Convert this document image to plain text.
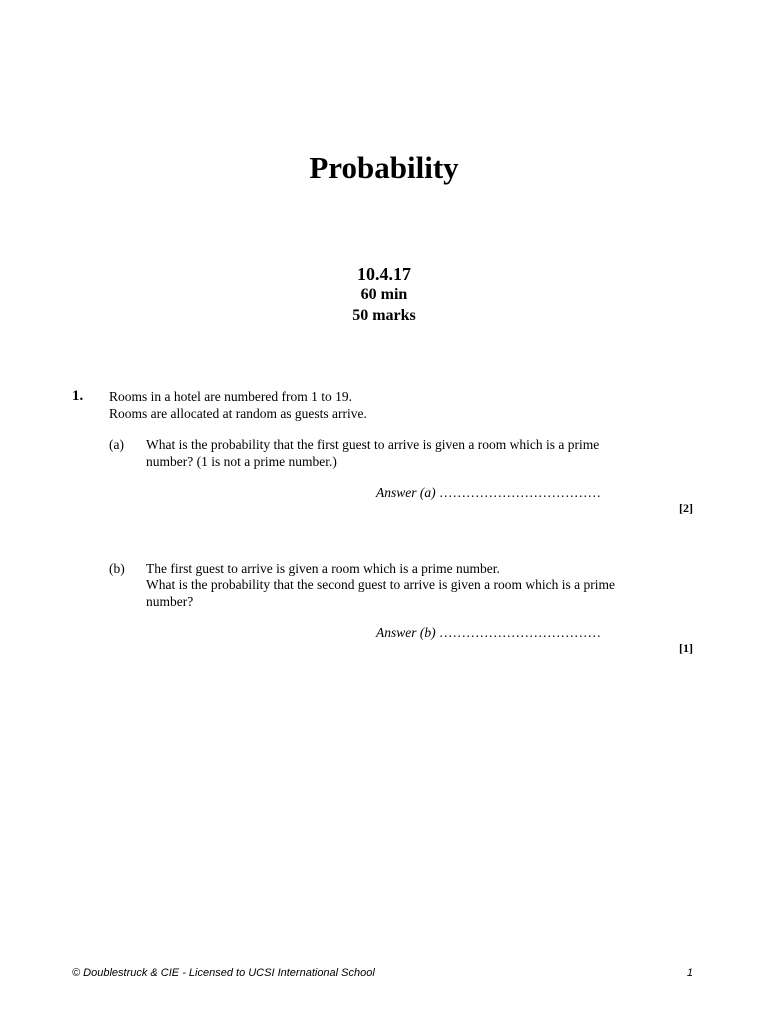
Probability
10.4.17
60 min
50 marks
1. Rooms in a hotel are numbered from 1 to 19.
Rooms are allocated at random as guests arrive.
(a) What is the probability that the first guest to arrive is given a room which is a prime
number? (1 is not a prime number.)
Answer (a) ………………………………
[2]
(b) The first guest to arrive is given a room which is a prime number.
What is the probability that the second guest to arrive is given a room which is a prime
number?
Answer (b) ………………………………
[1]
© Doublestruck & CIE - Licensed to UCSI International School	1
